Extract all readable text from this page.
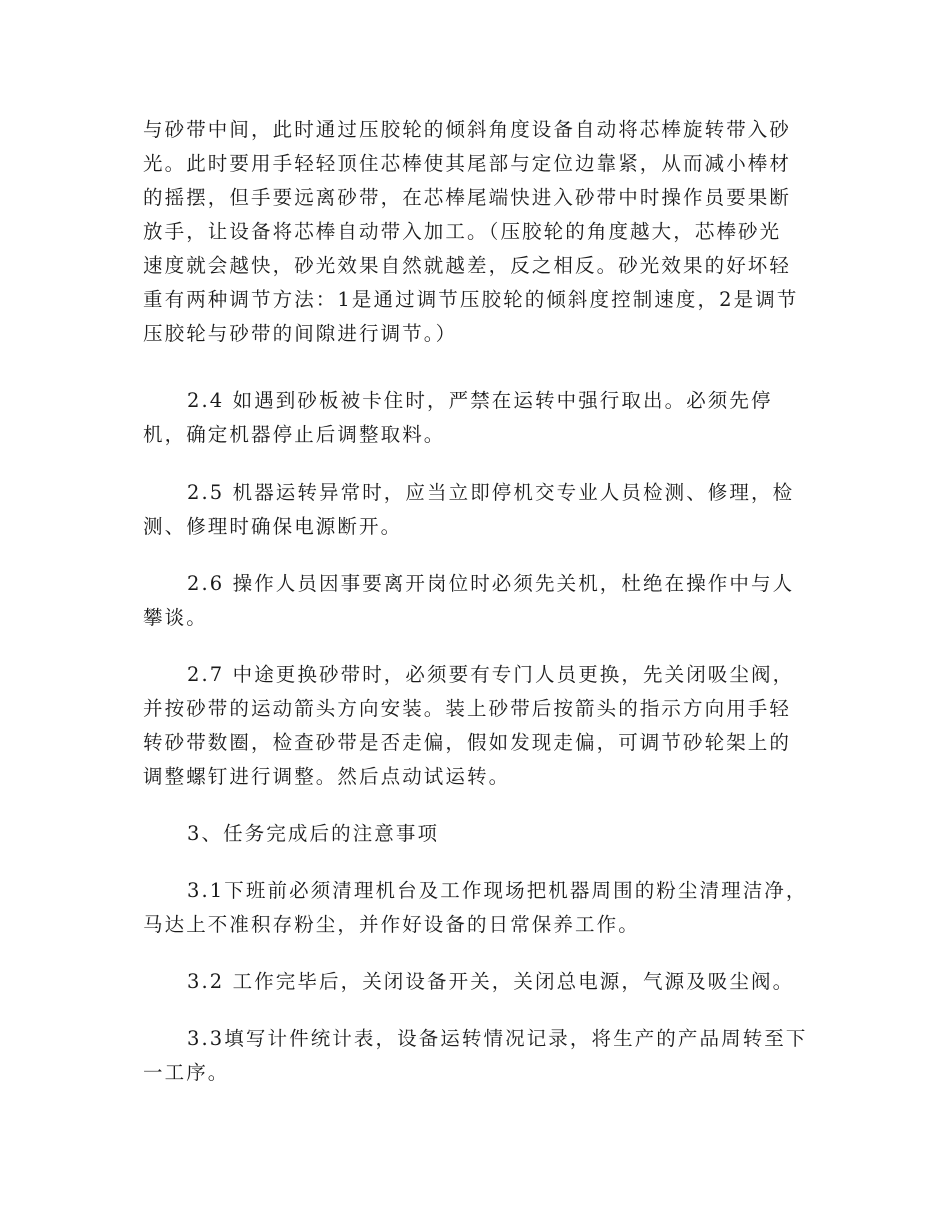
与砂带中间，此时通过压胶轮的倾斜角度设备自动将芯棒旋转带入砂

光。此时要用手轻轻顶住芯棒使其尾部与定位边靠紧，从而减小棒材

的摇摆，但手要远离砂带，在芯棒尾端快进入砂带中时操作员要果断

放手，让设备将芯棒自动带入加工。（压胶轮的角度越大，芯棒砂光

速度就会越快，砂光效果自然就越差，反之相反。砂光效果的好坏轻

重有两种调节方法：1是通过调节压胶轮的倾斜度控制速度，2是调节

压胶轮与砂带的间隙进行调节。）

2.4 如遇到砂板被卡住时，严禁在运转中强行取出。必须先停

机，确定机器停止后调整取料。

2.5 机器运转异常时，应当立即停机交专业人员检测、修理，检

测、修理时确保电源断开。

2.6 操作人员因事要离开岗位时必须先关机，杜绝在操作中与人

攀谈。

2.7 中途更换砂带时，必须要有专门人员更换，先关闭吸尘阀，

并按砂带的运动箭头方向安装。装上砂带后按箭头的指示方向用手轻

转砂带数圈，检查砂带是否走偏，假如发现走偏，可调节砂轮架上的

调整螺钉进行调整。然后点动试运转。

3、任务完成后的注意事项

3.1下班前必须清理机台及工作现场把机器周围的粉尘清理洁净，

马达上不准积存粉尘，并作好设备的日常保养工作。

3.2 工作完毕后，关闭设备开关，关闭总电源，气源及吸尘阀。

3.3填写计件统计表，设备运转情况记录，将生产的产品周转至下

一工序。
